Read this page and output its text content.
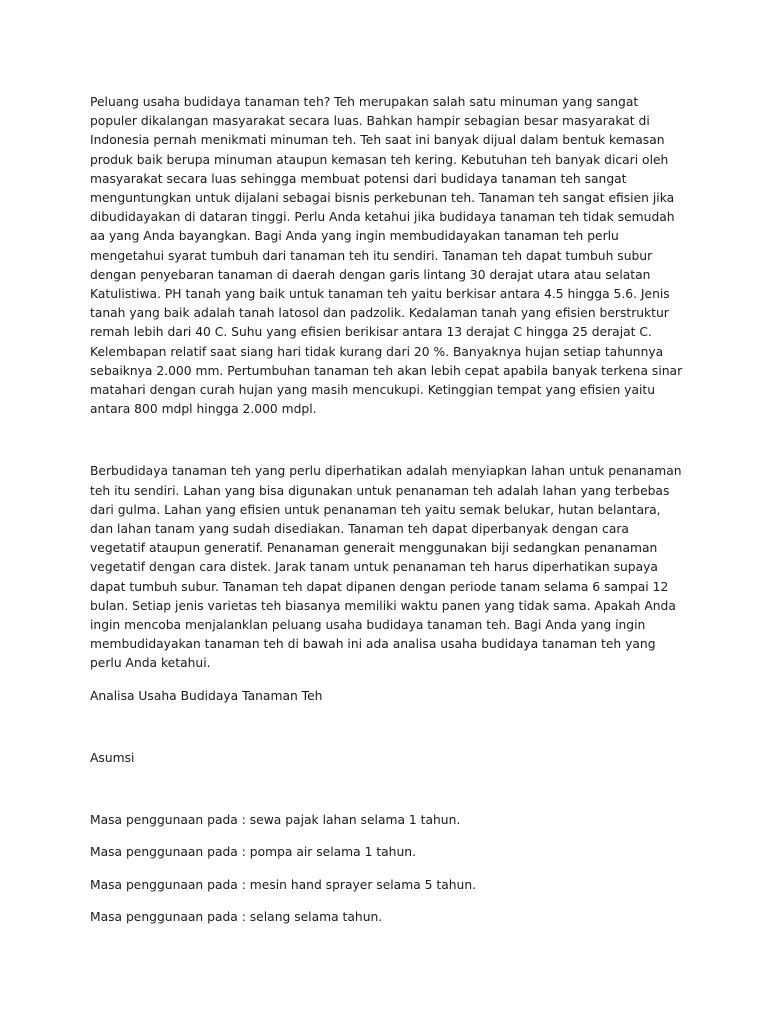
Peluang usaha budidaya tanaman teh? Teh merupakan salah satu minuman yang sangat populer dikalangan masyarakat secara luas. Bahkan hampir sebagian besar masyarakat di Indonesia pernah menikmati minuman teh. Teh saat ini banyak dijual dalam bentuk kemasan produk baik berupa minuman ataupun kemasan teh kering. Kebutuhan teh banyak dicari oleh masyarakat secara luas sehingga membuat potensi dari budidaya tanaman teh sangat menguntungkan untuk dijalani sebagai bisnis perkebunan teh. Tanaman teh sangat efisien jika dibudidayakan di dataran tinggi. Perlu Anda ketahui jika budidaya tanaman teh tidak semudah aa yang Anda bayangkan. Bagi Anda yang ingin membudidayakan tanaman teh perlu mengetahui syarat tumbuh dari tanaman teh itu sendiri. Tanaman teh dapat tumbuh subur dengan penyebaran tanaman di daerah dengan garis lintang 30 derajat utara atau selatan Katulistiwa. PH tanah yang baik untuk tanaman teh yaitu berkisar antara 4.5 hingga 5.6. Jenis tanah yang baik adalah tanah latosol dan padzolik. Kedalaman tanah yang efisien berstruktur remah lebih dari 40 C. Suhu yang efisien berikisar antara 13 derajat C hingga 25 derajat C. Kelembapan relatif saat siang hari tidak kurang dari 20 %. Banyaknya hujan setiap tahunnya sebaiknya 2.000 mm. Pertumbuhan tanaman teh akan lebih cepat apabila banyak terkena sinar matahari dengan curah hujan yang masih mencukupi. Ketinggian tempat yang efisien yaitu antara 800 mdpl hingga 2.000 mdpl.

Berbudidaya tanaman teh yang perlu diperhatikan adalah menyiapkan lahan untuk penanaman teh itu sendiri. Lahan yang bisa digunakan untuk penanaman teh adalah lahan yang terbebas dari gulma. Lahan yang efisien untuk penanaman teh yaitu semak belukar, hutan belantara, dan lahan tanam yang sudah disediakan. Tanaman teh dapat diperbanyak dengan cara vegetatif ataupun generatif. Penanaman generait menggunakan biji sedangkan penanaman vegetatif dengan cara distek. Jarak tanam untuk penanaman teh harus diperhatikan supaya dapat tumbuh subur. Tanaman teh dapat dipanen dengan periode tanam selama 6 sampai 12 bulan. Setiap jenis varietas teh biasanya memiliki waktu panen yang tidak sama. Apakah Anda ingin mencoba menjalanklan peluang usaha budidaya tanaman teh. Bagi Anda yang ingin membudidayakan tanaman teh di bawah ini ada analisa usaha budidaya tanaman teh yang perlu Anda ketahui.

Analisa Usaha Budidaya Tanaman Teh

Asumsi

Masa penggunaan pada : sewa pajak lahan selama 1 tahun.

Masa penggunaan pada : pompa air selama 1 tahun.

Masa penggunaan pada : mesin hand sprayer selama 5 tahun.

Masa penggunaan pada : selang selama tahun.
